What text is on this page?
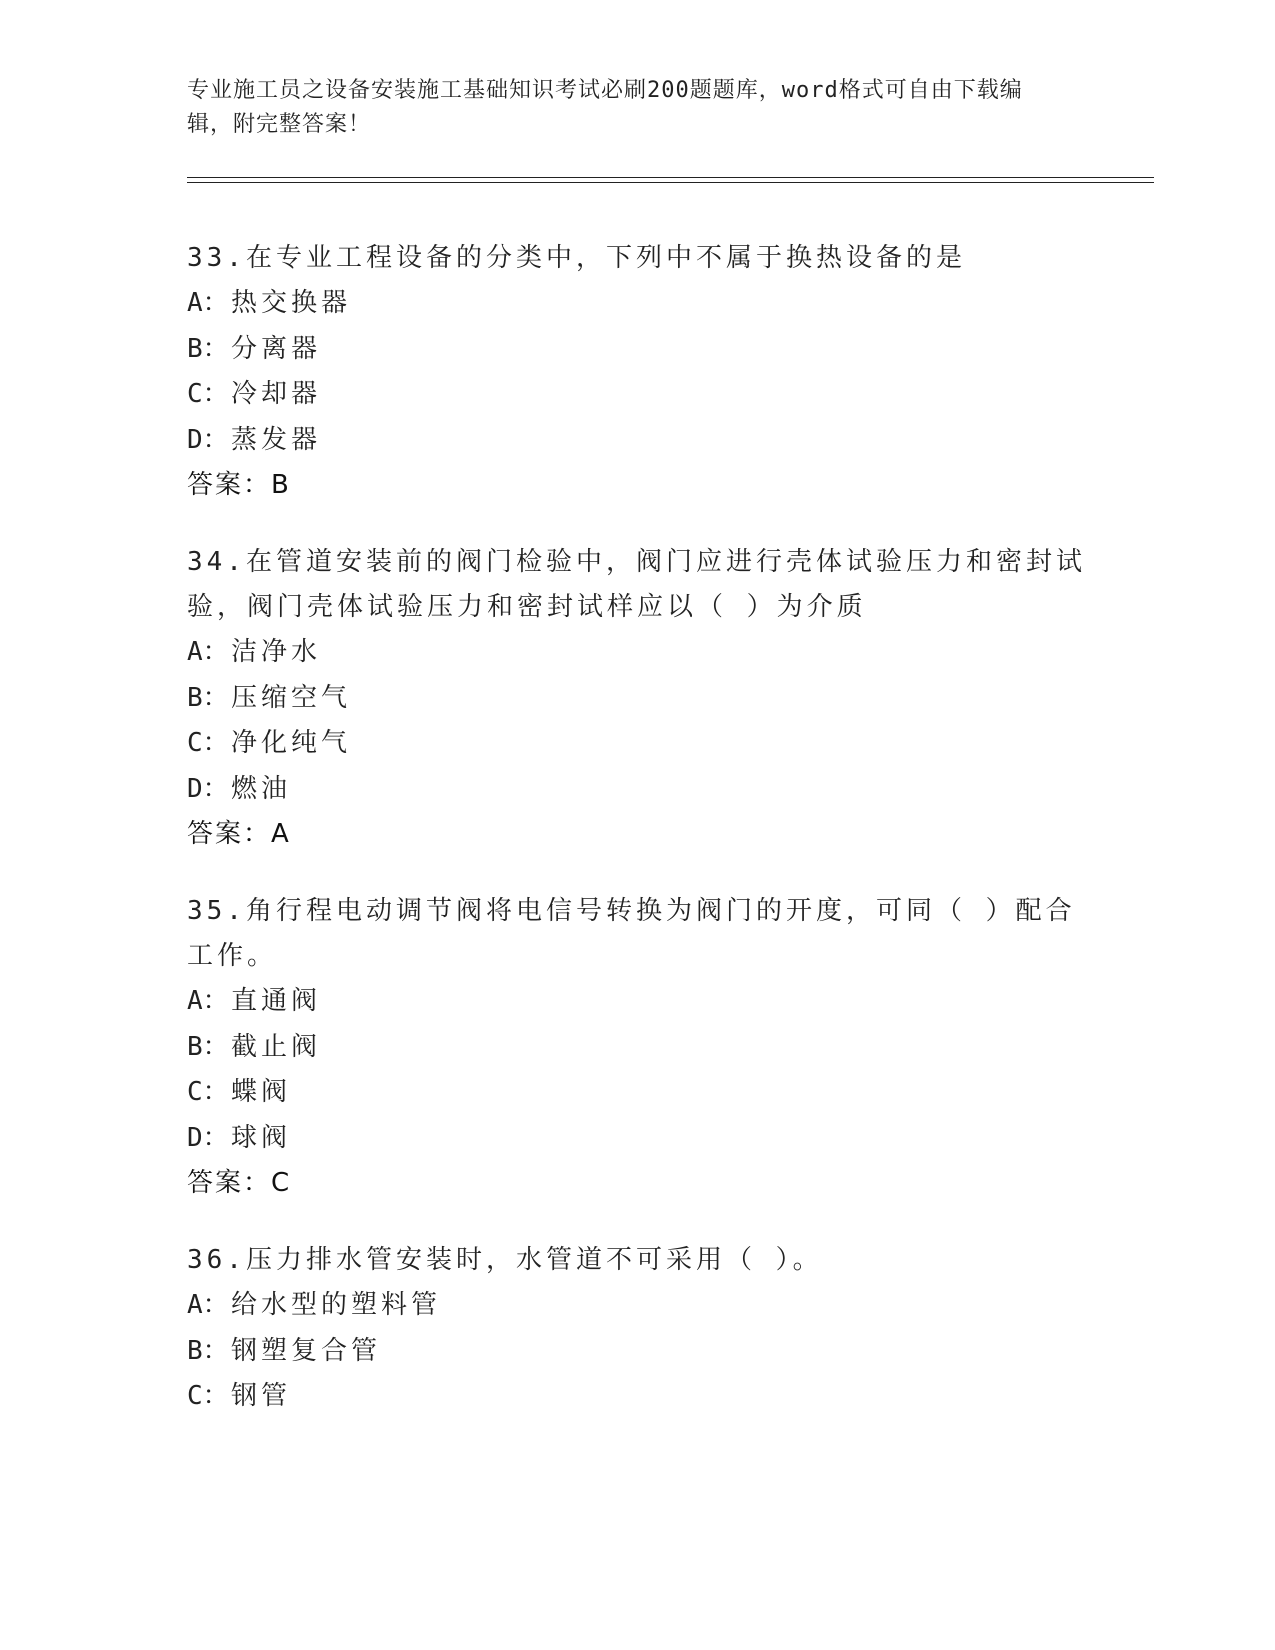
专业施工员之设备安装施工基础知识考试必刷200题题库，word格式可自由下载编辑，附完整答案！
33.在专业工程设备的分类中，下列中不属于换热设备的是
A：热交换器
B：分离器
C：冷却器
D：蒸发器
答案：B
34.在管道安装前的阀门检验中，阀门应进行壳体试验压力和密封试验，阀门壳体试验压力和密封试样应以（ ）为介质
A：洁净水
B：压缩空气
C：净化纯气
D：燃油
答案：A
35.角行程电动调节阀将电信号转换为阀门的开度，可同（ ）配合工作。
A：直通阀
B：截止阀
C：蝶阀
D：球阀
答案：C
36.压力排水管安装时，水管道不可采用（ ）。
A：给水型的塑料管
B：钢塑复合管
C：钢管
